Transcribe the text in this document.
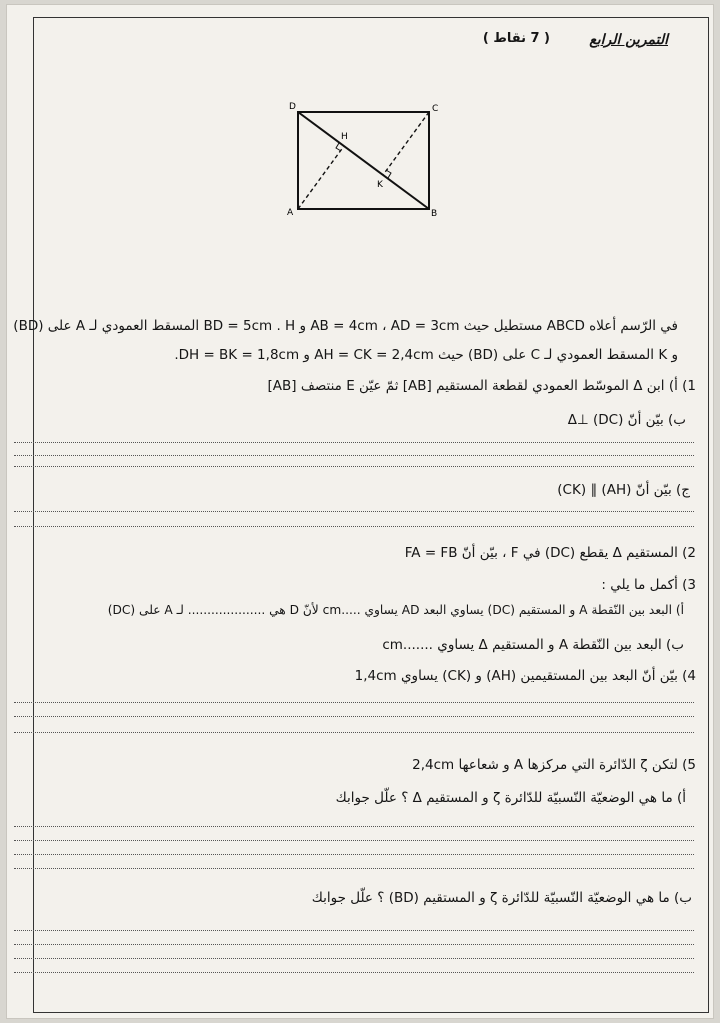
التمرين الرابع
( 7 نقاط )
D	C
A	B
H
K
في الرّسم أعلاه ABCD مستطيل حيث AB = 4cm ، AD = 3cm و BD = 5cm . H المسقط العمودي لـ A على (BD)
و K المسقط العمودي لـ C على (BD) حيث AH = CK = 2,4cm و DH = BK = 1,8cm.
1) أ) ابن Δ الموسّط العمودي لقطعة المستقيم [AB] ثمّ عيّن E منتصف [AB]
ب) بيّن أنّ (DC) ⊥Δ
ج) بيّن أنّ (AH) ∥ (CK)
2) المستقيم Δ يقطع (DC) في F ، بيّن أنّ FA = FB
3) أكمل ما يلي :
أ) البعد بين النّقطة A و المستقيم (DC) يساوي البعد AD يساوي .....cm لأنّ D هي .................... لـ A على (DC)
ب) البعد بين النّقطة A و المستقيم Δ يساوي .......cm
4) بيّن أنّ البعد بين المستقيمين (AH) و (CK) يساوي 1,4cm
5) لتكن ζ الدّائرة التي مركزها A و شعاعها 2,4cm
أ) ما هي الوضعيّة النّسبيّة للدّائرة ζ و المستقيم Δ ؟ علّل جوابك
ب) ما هي الوضعيّة النّسبيّة للدّائرة ζ و المستقيم (BD) ؟ علّل جوابك
